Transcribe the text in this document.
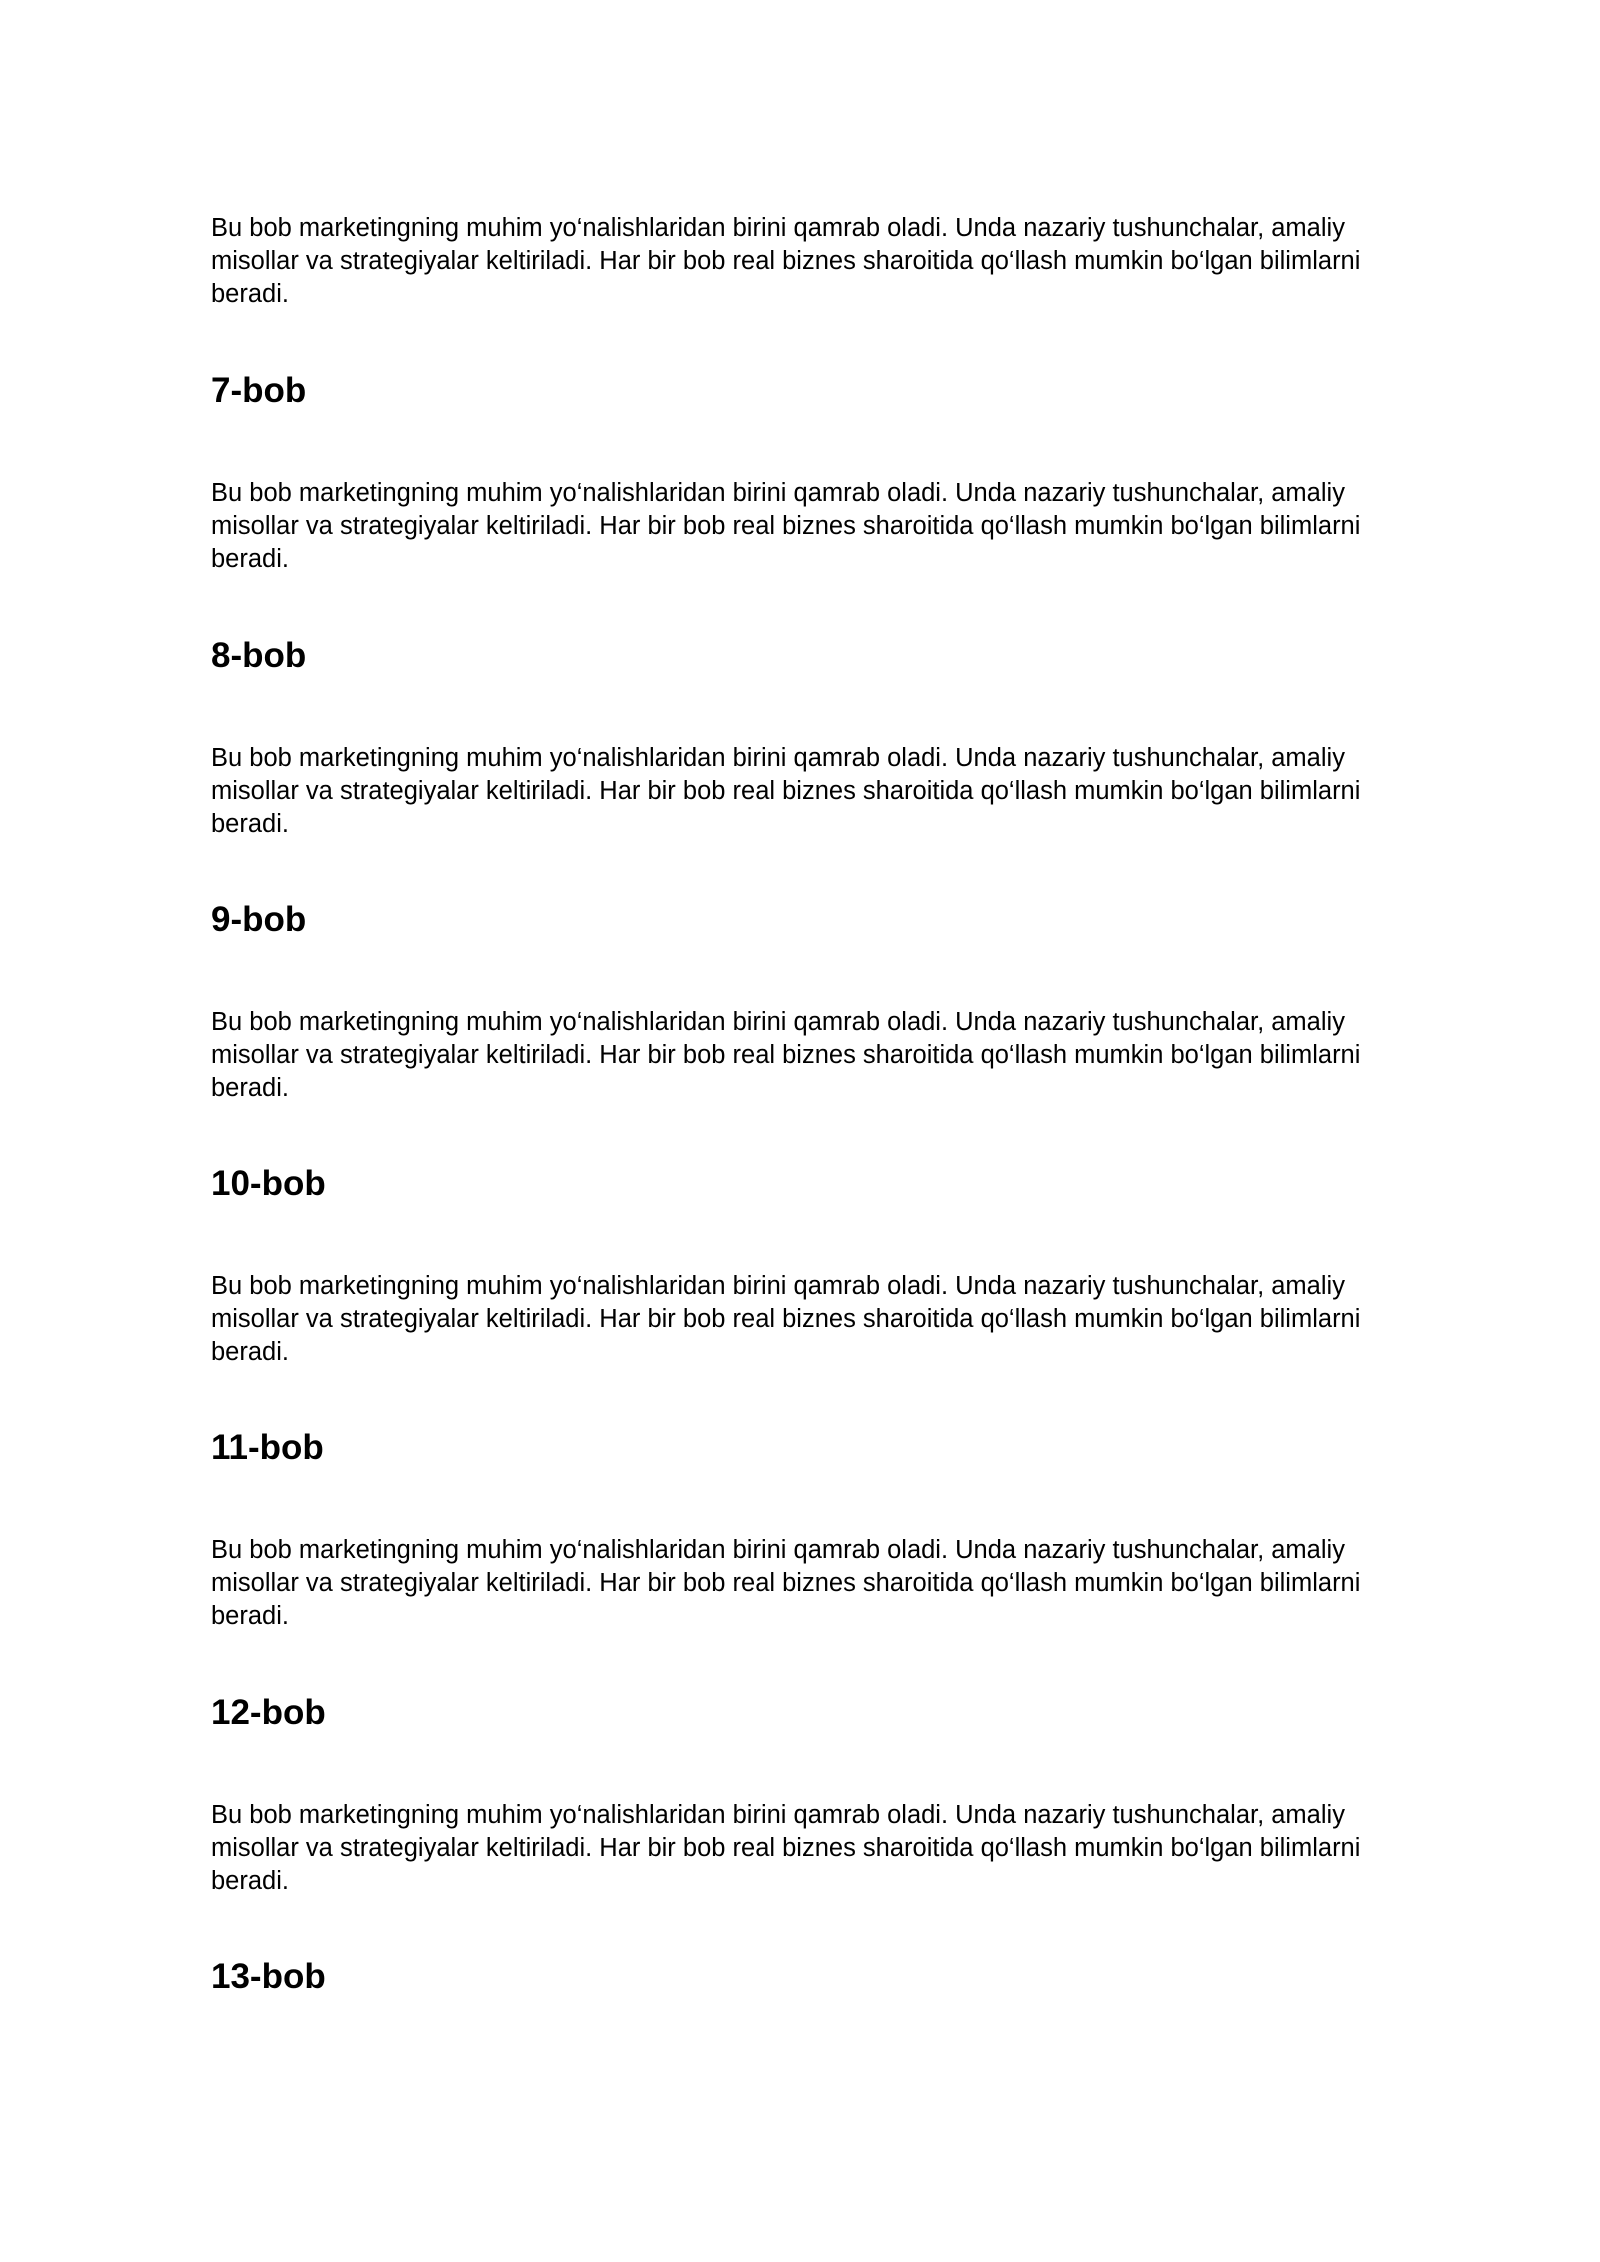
Bu bob marketingning muhim yo‘nalishlaridan birini qamrab oladi. Unda nazariy tushunchalar, amaliy misollar va strategiyalar keltiriladi. Har bir bob real biznes sharoitida qo‘llash mumkin bo‘lgan bilimlarni beradi.

7-bob

Bu bob marketingning muhim yo‘nalishlaridan birini qamrab oladi. Unda nazariy tushunchalar, amaliy misollar va strategiyalar keltiriladi. Har bir bob real biznes sharoitida qo‘llash mumkin bo‘lgan bilimlarni beradi.

8-bob

Bu bob marketingning muhim yo‘nalishlaridan birini qamrab oladi. Unda nazariy tushunchalar, amaliy misollar va strategiyalar keltiriladi. Har bir bob real biznes sharoitida qo‘llash mumkin bo‘lgan bilimlarni beradi.

9-bob

Bu bob marketingning muhim yo‘nalishlaridan birini qamrab oladi. Unda nazariy tushunchalar, amaliy misollar va strategiyalar keltiriladi. Har bir bob real biznes sharoitida qo‘llash mumkin bo‘lgan bilimlarni beradi.

10-bob

Bu bob marketingning muhim yo‘nalishlaridan birini qamrab oladi. Unda nazariy tushunchalar, amaliy misollar va strategiyalar keltiriladi. Har bir bob real biznes sharoitida qo‘llash mumkin bo‘lgan bilimlarni beradi.

11-bob

Bu bob marketingning muhim yo‘nalishlaridan birini qamrab oladi. Unda nazariy tushunchalar, amaliy misollar va strategiyalar keltiriladi. Har bir bob real biznes sharoitida qo‘llash mumkin bo‘lgan bilimlarni beradi.

12-bob

Bu bob marketingning muhim yo‘nalishlaridan birini qamrab oladi. Unda nazariy tushunchalar, amaliy misollar va strategiyalar keltiriladi. Har bir bob real biznes sharoitida qo‘llash mumkin bo‘lgan bilimlarni beradi.

13-bob
